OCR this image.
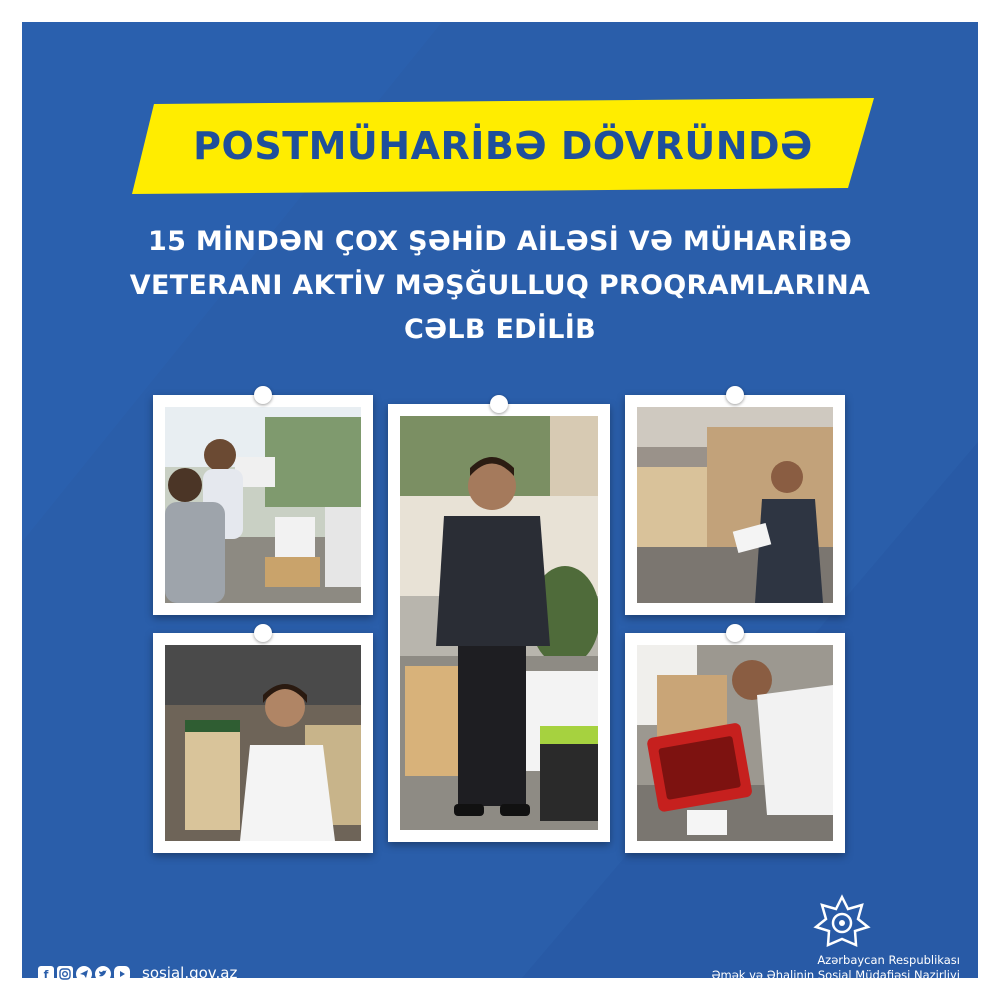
POSTMÜHARİBƏ DÖVRÜNDƏ
15 MİNDƏN ÇOX ŞƏHİD AİLƏSİ VƏ MÜHARİBƏ
VETERANI AKTİV MƏŞĞULLUQ PROQRAMLARINA
CƏLB EDİLİB
Azərbaycan Respublikası
Əmək və Əhalinin Sosial Müdafiəsi Nazirliyi
f	sosial.gov.az
